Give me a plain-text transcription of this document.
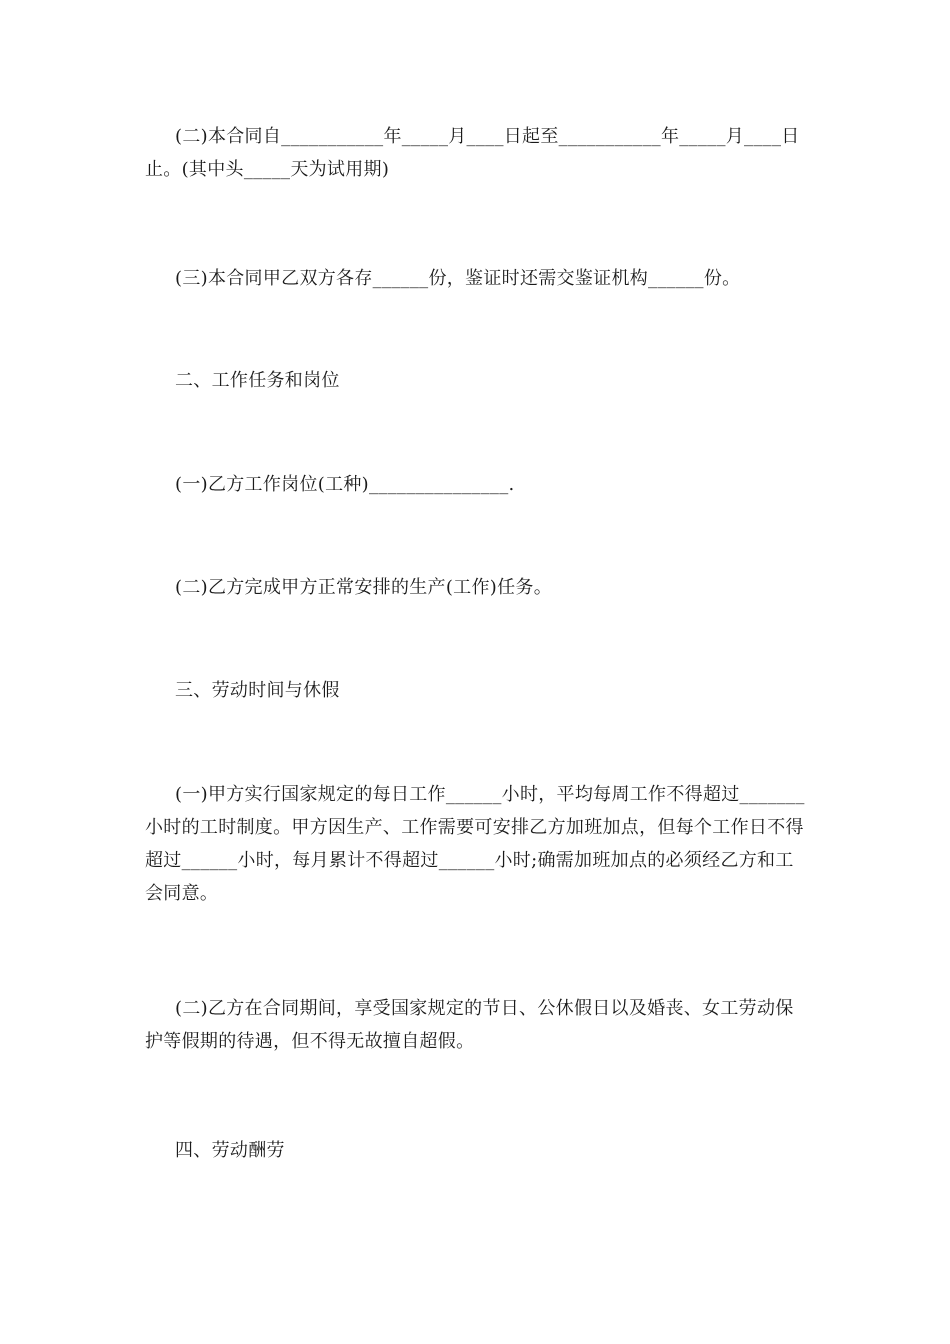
(二)本合同自___________年_____月____日起至___________年_____月____日止。(其中头_____天为试用期)

(三)本合同甲乙双方各存______份，鉴证时还需交鉴证机构______份。

二、工作任务和岗位

(一)乙方工作岗位(工种)_______________.

(二)乙方完成甲方正常安排的生产(工作)任务。

三、劳动时间与休假

(一)甲方实行国家规定的每日工作______小时，平均每周工作不得超过_______小时的工时制度。甲方因生产、工作需要可安排乙方加班加点，但每个工作日不得超过______小时，每月累计不得超过______小时;确需加班加点的必须经乙方和工会同意。

(二)乙方在合同期间，享受国家规定的节日、公休假日以及婚丧、女工劳动保护等假期的待遇，但不得无故擅自超假。

四、劳动酬劳
